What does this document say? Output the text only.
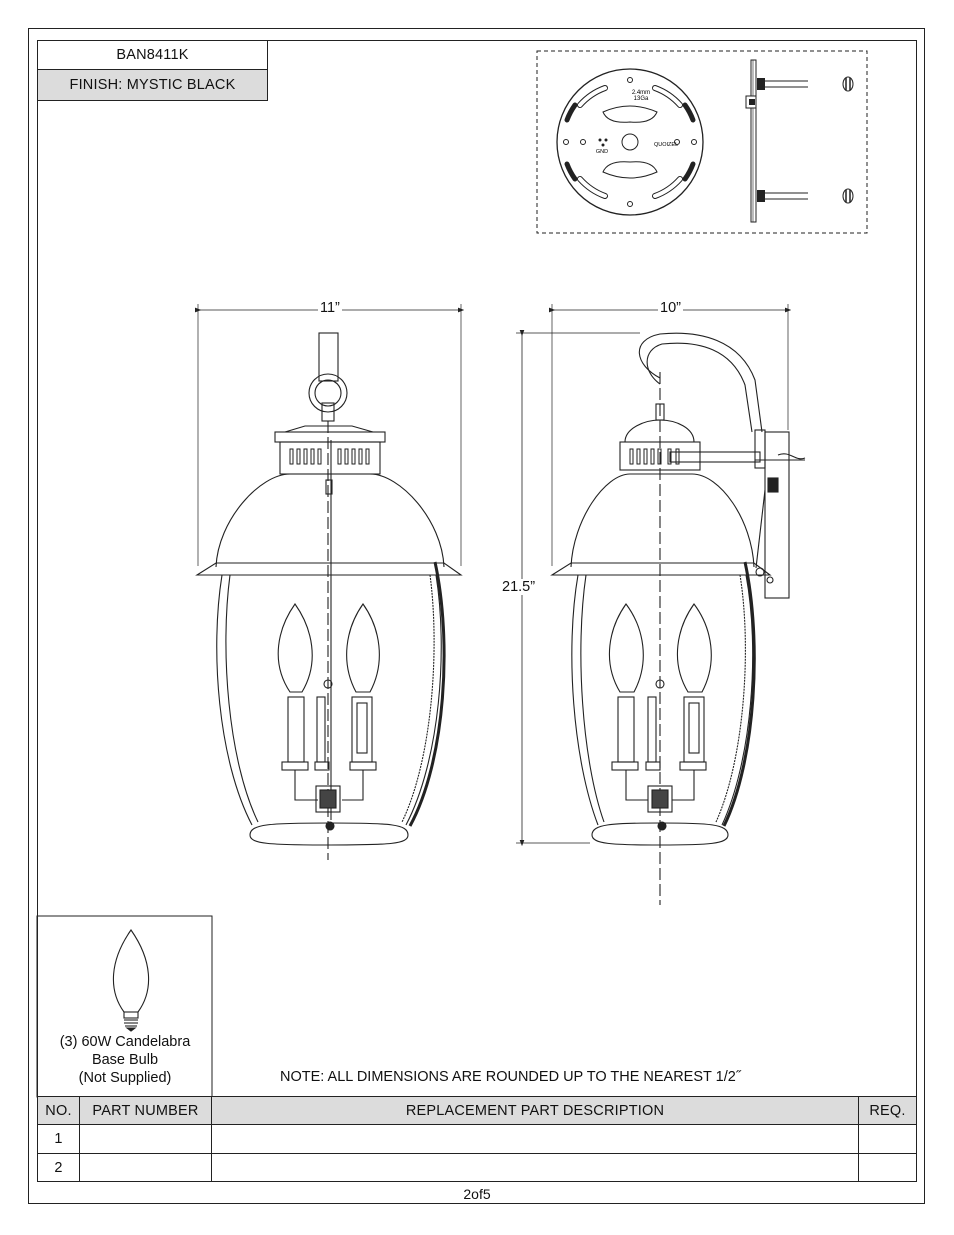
BAN8411K
FINISH: MYSTIC BLACK	2.4mm
13Ga
GND
QUOIZEL
11”	10”
21.5”
(3) 60W Candelabra
Base Bulb
(Not Supplied)	NOTE: ALL DIMENSIONS ARE ROUNDED UP TO THE NEAREST 1/2˝
NO.	PART NUMBER	REPLACEMENT PART DESCRIPTION	REQ.
1
2
2of5
